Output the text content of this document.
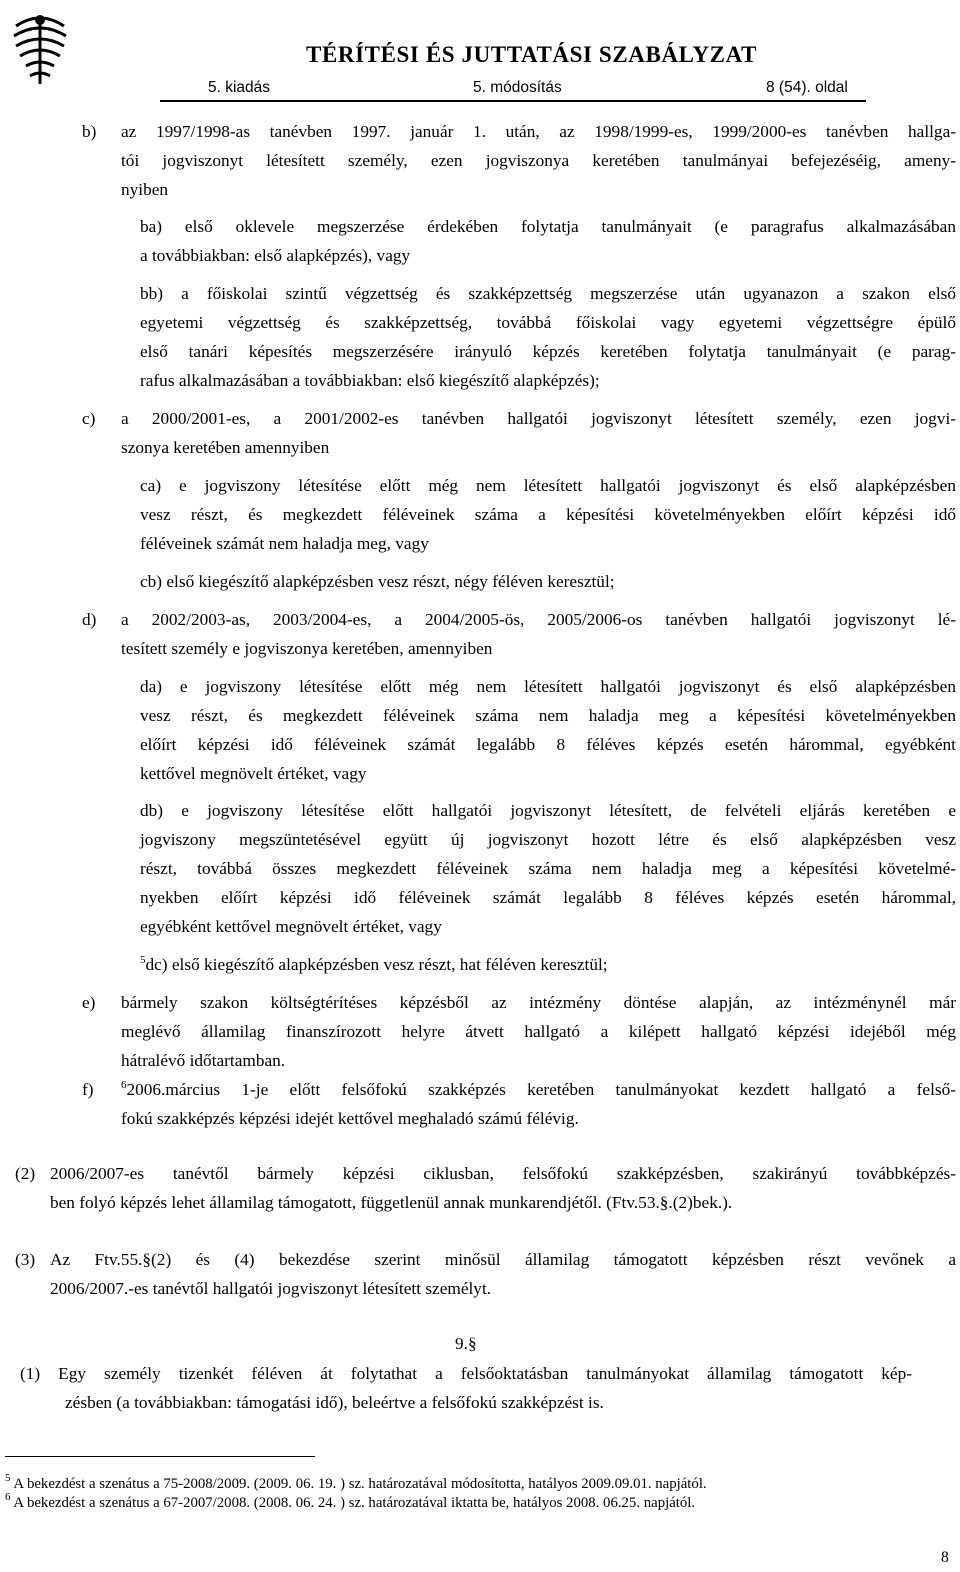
TÉRÍTÉSI ÉS JUTTATÁSI SZABÁLYZAT
5. kiadás	5. módosítás	8 (54). oldal
b) az 1997/1998-as tanévben 1997. január 1. után, az 1998/1999-es, 1999/2000-es tanévben hallga-
tói jogviszonyt létesített személy, ezen jogviszonya keretében tanulmányai befejezéséig, ameny-
nyiben
ba) első oklevele megszerzése érdekében folytatja tanulmányait (e paragrafus alkalmazásában
a továbbiakban: első alapképzés), vagy
bb) a főiskolai szintű végzettség és szakképzettség megszerzése után ugyanazon a szakon első
egyetemi végzettség és szakképzettség, továbbá főiskolai vagy egyetemi végzettségre épülő
első tanári képesítés megszerzésére irányuló képzés keretében folytatja tanulmányait (e parag-
rafus alkalmazásában a továbbiakban: első kiegészítő alapképzés);
c) a 2000/2001-es, a 2001/2002-es tanévben hallgatói jogviszonyt létesített személy, ezen jogvi-
szonya keretében amennyiben
ca) e jogviszony létesítése előtt még nem létesített hallgatói jogviszonyt és első alapképzésben
vesz részt, és megkezdett féléveinek száma a képesítési követelményekben előírt képzési idő
féléveinek számát nem haladja meg, vagy
cb) első kiegészítő alapképzésben vesz részt, négy féléven keresztül;
d) a 2002/2003-as, 2003/2004-es, a 2004/2005-ös, 2005/2006-os tanévben hallgatói jogviszonyt lé-
tesített személy e jogviszonya keretében, amennyiben
da) e jogviszony létesítése előtt még nem létesített hallgatói jogviszonyt és első alapképzésben
vesz részt, és megkezdett féléveinek száma nem haladja meg a képesítési követelményekben
előírt képzési idő féléveinek számát legalább 8 féléves képzés esetén hárommal, egyébként
kettővel megnövelt értéket, vagy
db) e jogviszony létesítése előtt hallgatói jogviszonyt létesített, de felvételi eljárás keretében e
jogviszony megszüntetésével együtt új jogviszonyt hozott létre és első alapképzésben vesz
részt, továbbá összes megkezdett féléveinek száma nem haladja meg a képesítési követelmé-
nyekben előírt képzési idő féléveinek számát legalább 8 féléves képzés esetén hárommal,
egyébként kettővel megnövelt értéket, vagy
$^5$dc) első kiegészítő alapképzésben vesz részt, hat féléven keresztül;
e) bármely szakon költségtérítéses képzésből az intézmény döntése alapján, az intézménynél már
meglévő államilag finanszírozott helyre átvett hallgató a kilépett hallgató képzési idejéből még
hátralévő időtartamban.
f) $^6$2006.március 1-je előtt felsőfokú szakképzés keretében tanulmányokat kezdett hallgató a felső-
fokú szakképzés képzési idejét kettővel meghaladó számú félévig.
(2) 2006/2007-es tanévtől bármely képzési ciklusban, felsőfokú szakképzésben, szakirányú továbbképzés-
ben folyó képzés lehet államilag támogatott, függetlenül annak munkarendjétől. (Ftv.53.§.(2)bek.).
(3) Az Ftv.55.§(2) és (4) bekezdése szerint minősül államilag támogatott képzésben részt vevőnek a
2006/2007.-es tanévtől hallgatói jogviszonyt létesített személyt.
9.§
(1) Egy személy tizenkét féléven át folytathat a felsőoktatásban tanulmányokat államilag támogatott kép-
zésben (a továbbiakban: támogatási idő), beleértve a felsőfokú szakképzést is.
$^5$ A bekezdést a szenátus a 75-2008/2009. (2009. 06. 19. ) sz. határozatával módosította, hatályos 2009.09.01. napjától.
$^6$ A bekezdést a szenátus a 67-2007/2008. (2008. 06. 24. ) sz. határozatával iktatta be, hatályos 2008. 06.25. napjától.
8
